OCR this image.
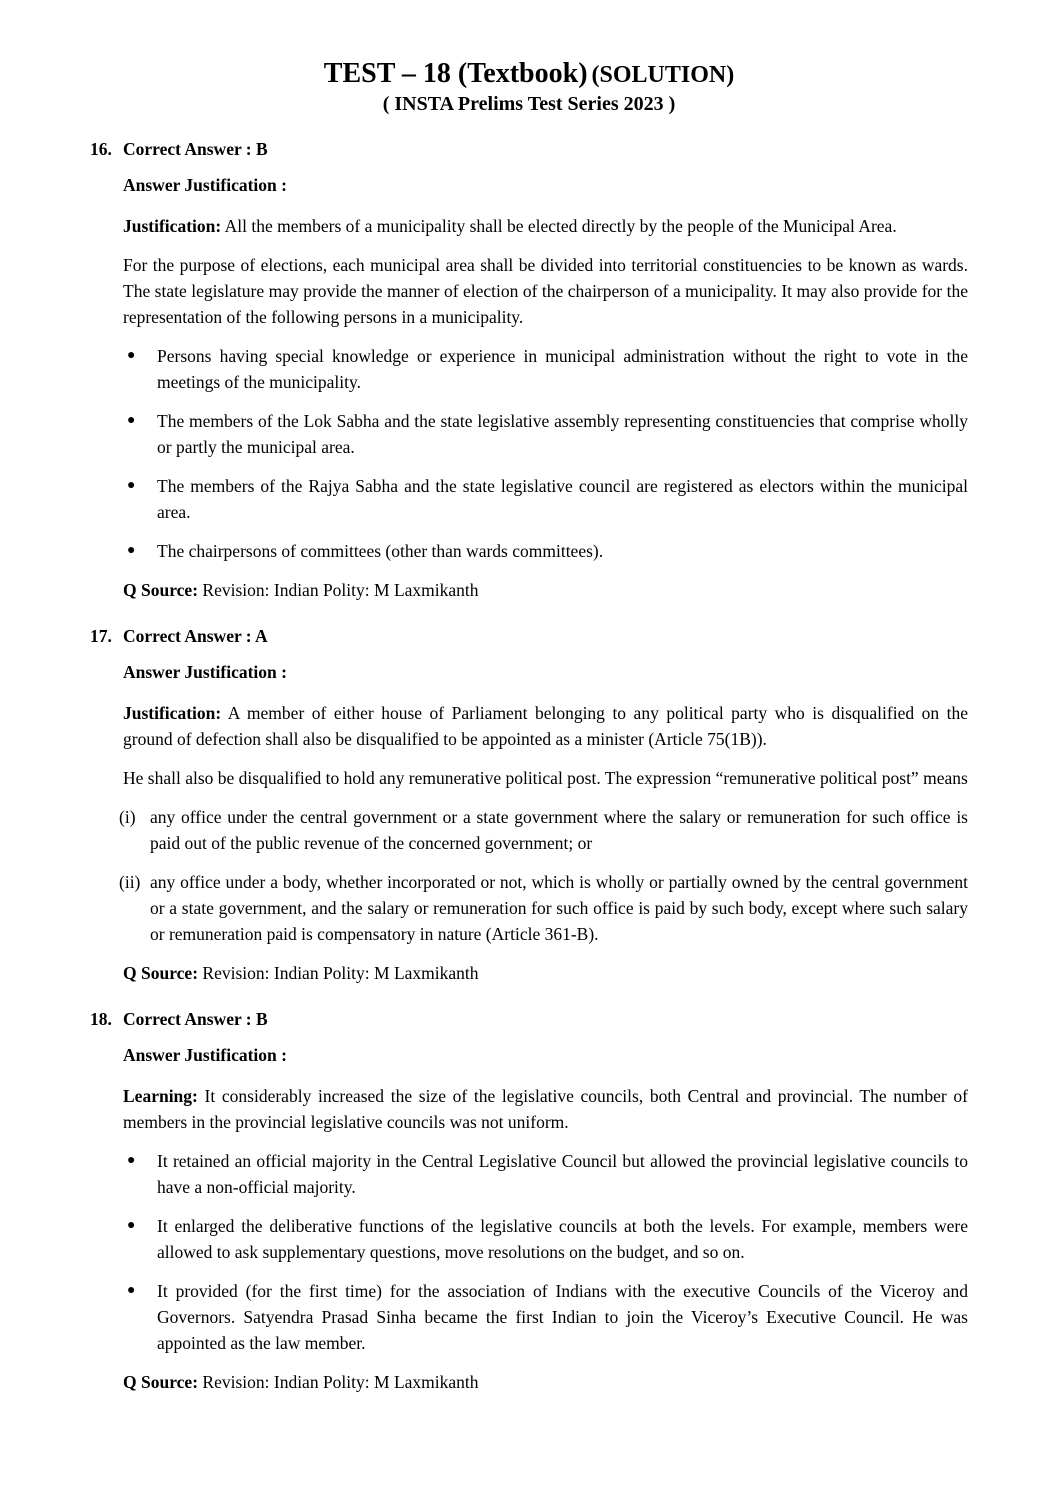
TEST – 18 (Textbook) (SOLUTION)
( INSTA Prelims Test Series 2023 )
16. Correct Answer : B

Answer Justification :

Justification: All the members of a municipality shall be elected directly by the people of the Municipal Area.

For the purpose of elections, each municipal area shall be divided into territorial constituencies to be known as wards. The state legislature may provide the manner of election of the chairperson of a municipality. It may also provide for the representation of the following persons in a municipality.

●	Persons having special knowledge or experience in municipal administration without the right to vote in the meetings of the municipality.
●	The members of the Lok Sabha and the state legislative assembly representing constituencies that comprise wholly or partly the municipal area.
●	The members of the Rajya Sabha and the state legislative council are registered as electors within the municipal area.
●	The chairpersons of committees (other than wards committees).

Q Source: Revision: Indian Polity: M Laxmikanth

17. Correct Answer : A

Answer Justification :

Justification: A member of either house of Parliament belonging to any political party who is disqualified on the ground of defection shall also be disqualified to be appointed as a minister (Article 75(1B)).

He shall also be disqualified to hold any remunerative political post. The expression “remunerative political post” means

(i) any office under the central government or a state government where the salary or remuneration for such office is paid out of the public revenue of the concerned government; or
(ii) any office under a body, whether incorporated or not, which is wholly or partially owned by the central government or a state government, and the salary or remuneration for such office is paid by such body, except where such salary or remuneration paid is compensatory in nature (Article 361-B).

Q Source: Revision: Indian Polity: M Laxmikanth

18. Correct Answer : B

Answer Justification :

Learning: It considerably increased the size of the legislative councils, both Central and provincial. The number of members in the provincial legislative councils was not uniform.

●	It retained an official majority in the Central Legislative Council but allowed the provincial legislative councils to have a non-official majority.
●	It enlarged the deliberative functions of the legislative councils at both the levels. For example, members were allowed to ask supplementary questions, move resolutions on the budget, and so on.
●	It provided (for the first time) for the association of Indians with the executive Councils of the Viceroy and Governors. Satyendra Prasad Sinha became the first Indian to join the Viceroy’s Executive Council. He was appointed as the law member.

Q Source: Revision: Indian Polity: M Laxmikanth
